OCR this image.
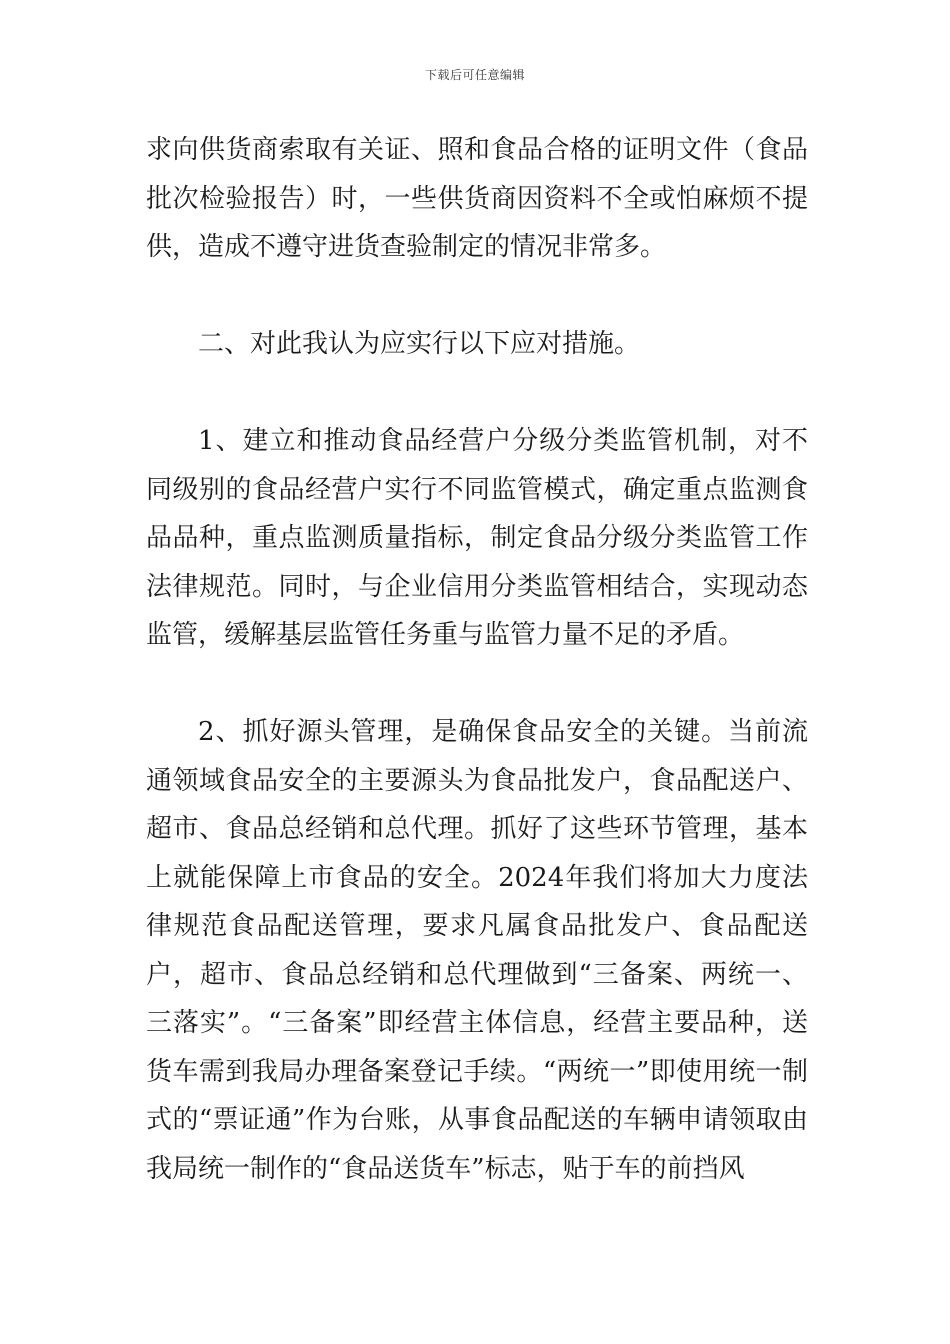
下载后可任意编辑

求向供货商索取有关证、照和食品合格的证明文件（食品批次检验报告）时，一些供货商因资料不全或怕麻烦不提供，造成不遵守进货查验制定的情况非常多。

二、对此我认为应实行以下应对措施。

1、建立和推动食品经营户分级分类监管机制，对不同级别的食品经营户实行不同监管模式，确定重点监测食品品种，重点监测质量指标，制定食品分级分类监管工作法律规范。同时，与企业信用分类监管相结合，实现动态监管，缓解基层监管任务重与监管力量不足的矛盾。

2、抓好源头管理，是确保食品安全的关键。当前流通领域食品安全的主要源头为食品批发户，食品配送户、超市、食品总经销和总代理。抓好了这些环节管理，基本上就能保障上市食品的安全。2024年我们将加大力度法律规范食品配送管理，要求凡属食品批发户、食品配送户，超市、食品总经销和总代理做到“三备案、两统一、三落实”。“三备案”即经营主体信息，经营主要品种，送货车需到我局办理备案登记手续。“两统一”即使用统一制式的“票证通”作为台账，从事食品配送的车辆申请领取由我局统一制作的“食品送货车”标志，贴于车的前挡风
